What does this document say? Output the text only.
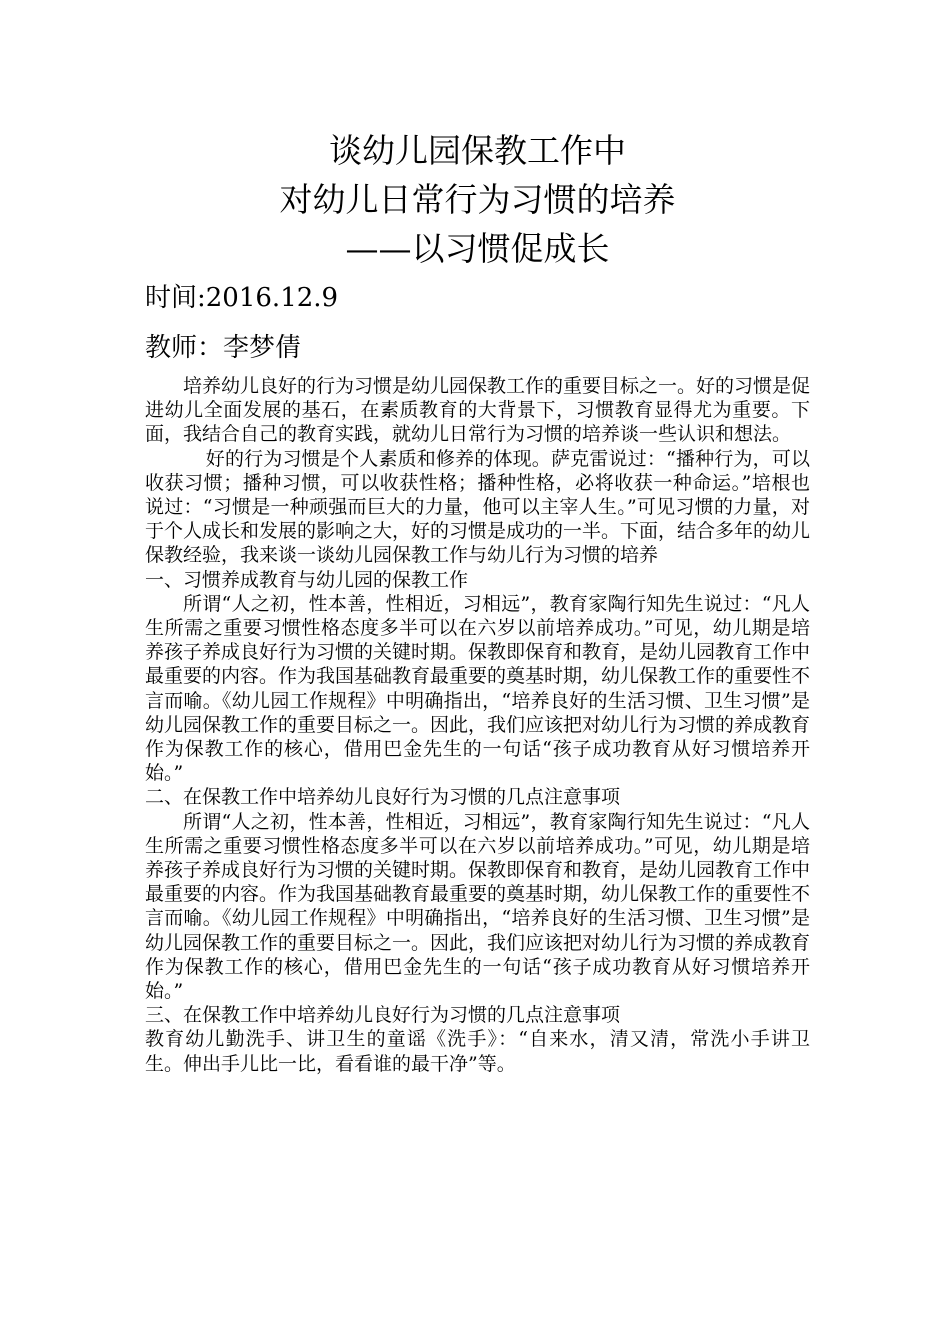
谈幼儿园保教工作中
对幼儿日常行为习惯的培养
——以习惯促成长
时间:2016.12.9
教师：李梦倩

培养幼儿良好的行为习惯是幼儿园保教工作的重要目标之一。好的习惯是促进幼儿全面发展的基石，在素质教育的大背景下，习惯教育显得尤为重要。下面，我结合自己的教育实践，就幼儿日常行为习惯的培养谈一些认识和想法。

好的行为习惯是个人素质和修养的体现。萨克雷说过：“播种行为，可以收获习惯；播种习惯，可以收获性格；播种性格，必将收获一种命运。”培根也说过：“习惯是一种顽强而巨大的力量，他可以主宰人生。”可见习惯的力量，对于个人成长和发展的影响之大，好的习惯是成功的一半。下面，结合多年的幼儿保教经验，我来谈一谈幼儿园保教工作与幼儿行为习惯的培养

一、习惯养成教育与幼儿园的保教工作

所谓“人之初，性本善，性相近，习相远”，教育家陶行知先生说过：“凡人生所需之重要习惯性格态度多半可以在六岁以前培养成功。”可见，幼儿期是培养孩子养成良好行为习惯的关键时期。保教即保育和教育，是幼儿园教育工作中最重要的内容。作为我国基础教育最重要的奠基时期，幼儿保教工作的重要性不言而喻。《幼儿园工作规程》中明确指出，“培养良好的生活习惯、卫生习惯”是幼儿园保教工作的重要目标之一。因此，我们应该把对幼儿行为习惯的养成教育作为保教工作的核心，借用巴金先生的一句话“孩子成功教育从好习惯培养开始。”

二、在保教工作中培养幼儿良好行为习惯的几点注意事项

所谓“人之初，性本善，性相近，习相远”，教育家陶行知先生说过：“凡人生所需之重要习惯性格态度多半可以在六岁以前培养成功。”可见，幼儿期是培养孩子养成良好行为习惯的关键时期。保教即保育和教育，是幼儿园教育工作中最重要的内容。作为我国基础教育最重要的奠基时期，幼儿保教工作的重要性不言而喻。《幼儿园工作规程》中明确指出，“培养良好的生活习惯、卫生习惯”是幼儿园保教工作的重要目标之一。因此，我们应该把对幼儿行为习惯的养成教育作为保教工作的核心，借用巴金先生的一句话“孩子成功教育从好习惯培养开始。”

三、在保教工作中培养幼儿良好行为习惯的几点注意事项

教育幼儿勤洗手、讲卫生的童谣《洗手》：“自来水，清又清，常洗小手讲卫生。伸出手儿比一比，看看谁的最干净”等。
